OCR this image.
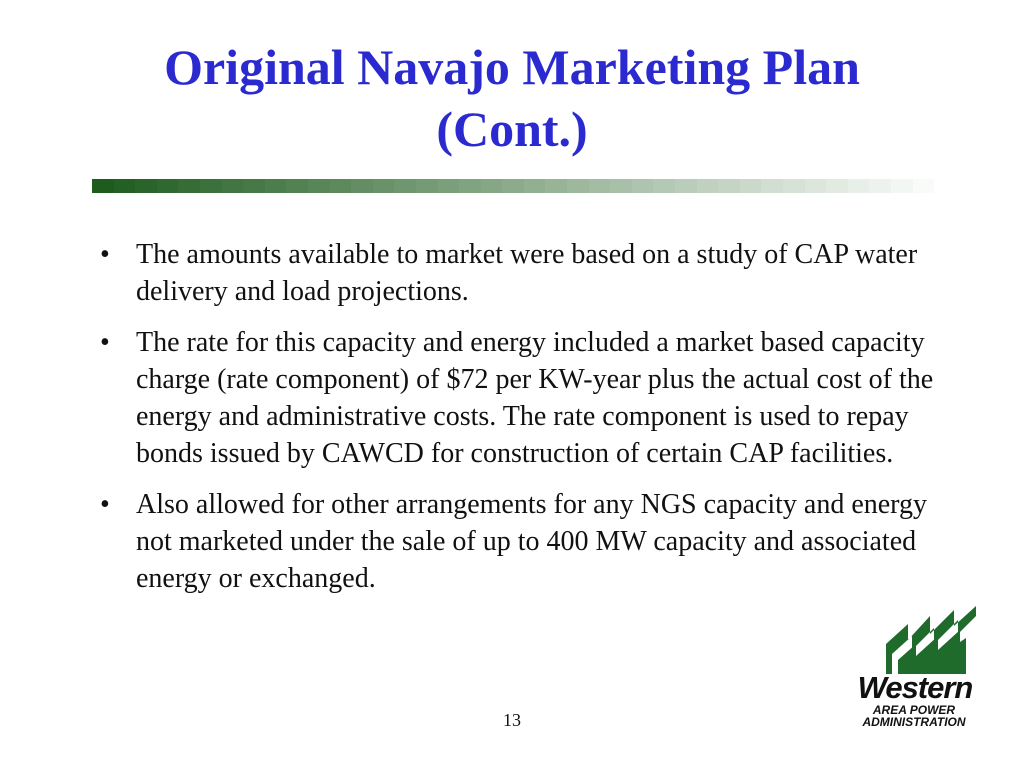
Original Navajo Marketing Plan
(Cont.)
• The amounts available to market were based on a study of CAP water delivery and load projections.
• The rate for this capacity and energy included a market based capacity charge (rate component) of $72 per KW-year plus the actual cost of the energy and administrative costs. The rate component is used to repay bonds issued by CAWCD for construction of certain CAP facilities.
• Also allowed for other arrangements for any NGS capacity and energy not marketed under the sale of up to 400 MW capacity and associated energy or exchanged.
Western
AREA POWER
ADMINISTRATION
13
